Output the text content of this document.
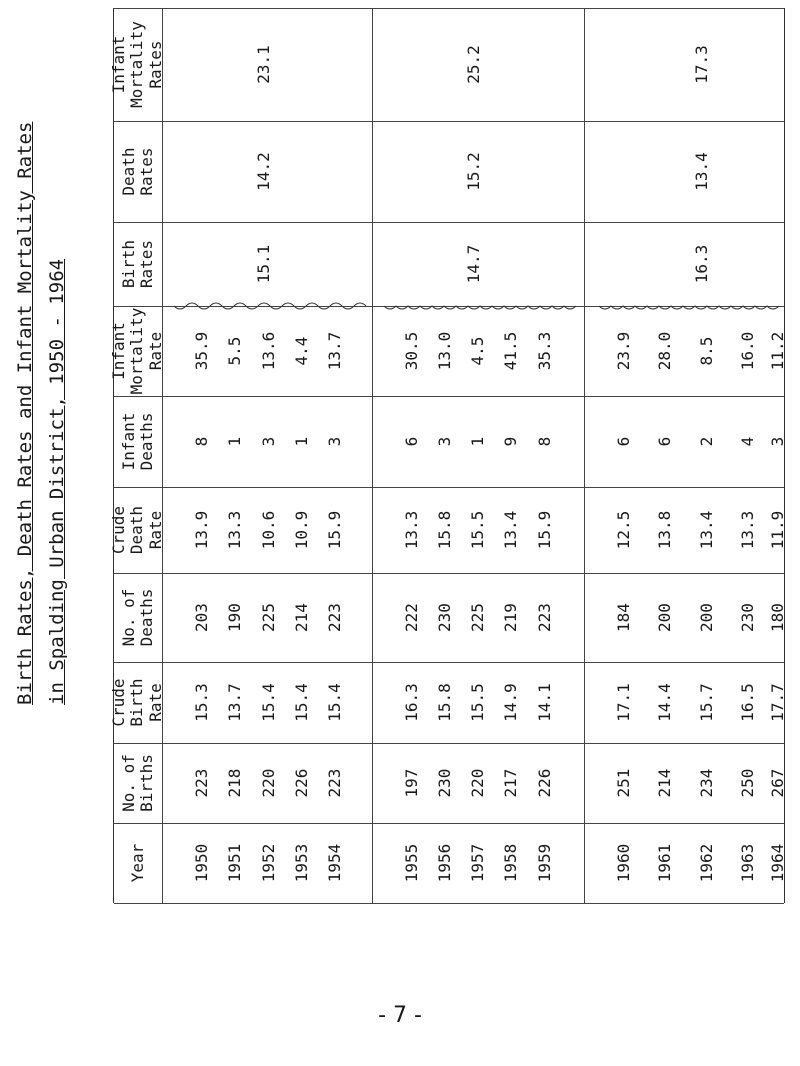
Birth Rates, Death Rates and Infant Mortality Rates in Spalding Urban District, 1950 - 1964
Infant Mortality Rates
Death Rates
Birth Rates
Infant Mortality Rate
Infant Deaths
Crude Death Rate
No. of Deaths
Crude Birth Rate
No. of Births
Year	1950
223
15.3
203
13.9
8
35.9
1951
218
13.7
190
13.3
1
5.5
1952
220
15.4
225
10.6
3
13.6
1953
226
15.4
214
10.9
1
4.4
1954
223
15.4
223
15.9
3
13.7
15.1
14.2
23.1
1955
197
16.3
222
13.3
6
30.5
1956
230
15.8
230
15.8
3
13.0
1957
220
15.5
225
15.5
1
4.5
1958
217
14.9
219
13.4
9
41.5
1959
226
14.1
223
15.9
8
35.3
14.7
15.2
25.2
1960
251
17.1
184
12.5
6
23.9
1961
214
14.4
200
13.8
6
28.0
1962
234
15.7
200
13.4
2
8.5
1963
250
16.5
230
13.3
4
16.0
1964
267
17.7
180
11.9
3
11.2
16.3
13.4
17.3
- 7 -
